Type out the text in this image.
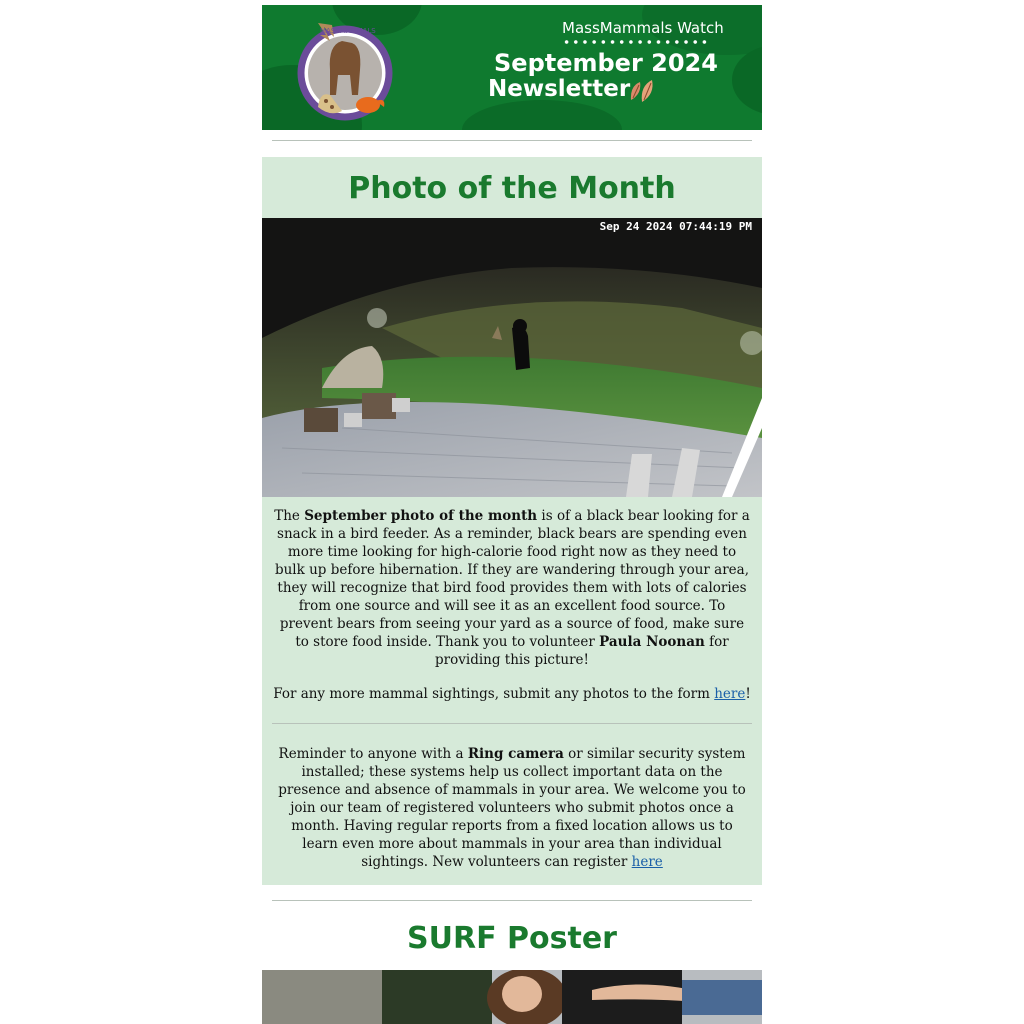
MASSMAMMALS	MassMammals Watch
September 2024
Newsletter
Photo of the Month
Sep 24 2024 07:44:19 PM

The September photo of the month is of a black bear looking for a snack in a bird feeder. As a reminder, black bears are spending even more time looking for high-calorie food right now as they need to bulk up before hibernation. If they are wandering through your area, they will recognize that bird food provides them with lots of calories from one source and will see it as an excellent food source. To prevent bears from seeing your yard as a source of food, make sure to store food inside. Thank you to volunteer Paula Noonan for providing this picture!

For any more mammal sightings, submit any photos to the form here!

Reminder to anyone with a Ring camera or similar security system installed; these systems help us collect important data on the presence and absence of mammals in your area. We welcome you to join our team of registered volunteers who submit photos once a month. Having regular reports from a fixed location allows us to learn even more about mammals in your area than individual sightings. New volunteers can register here

SURF Poster
